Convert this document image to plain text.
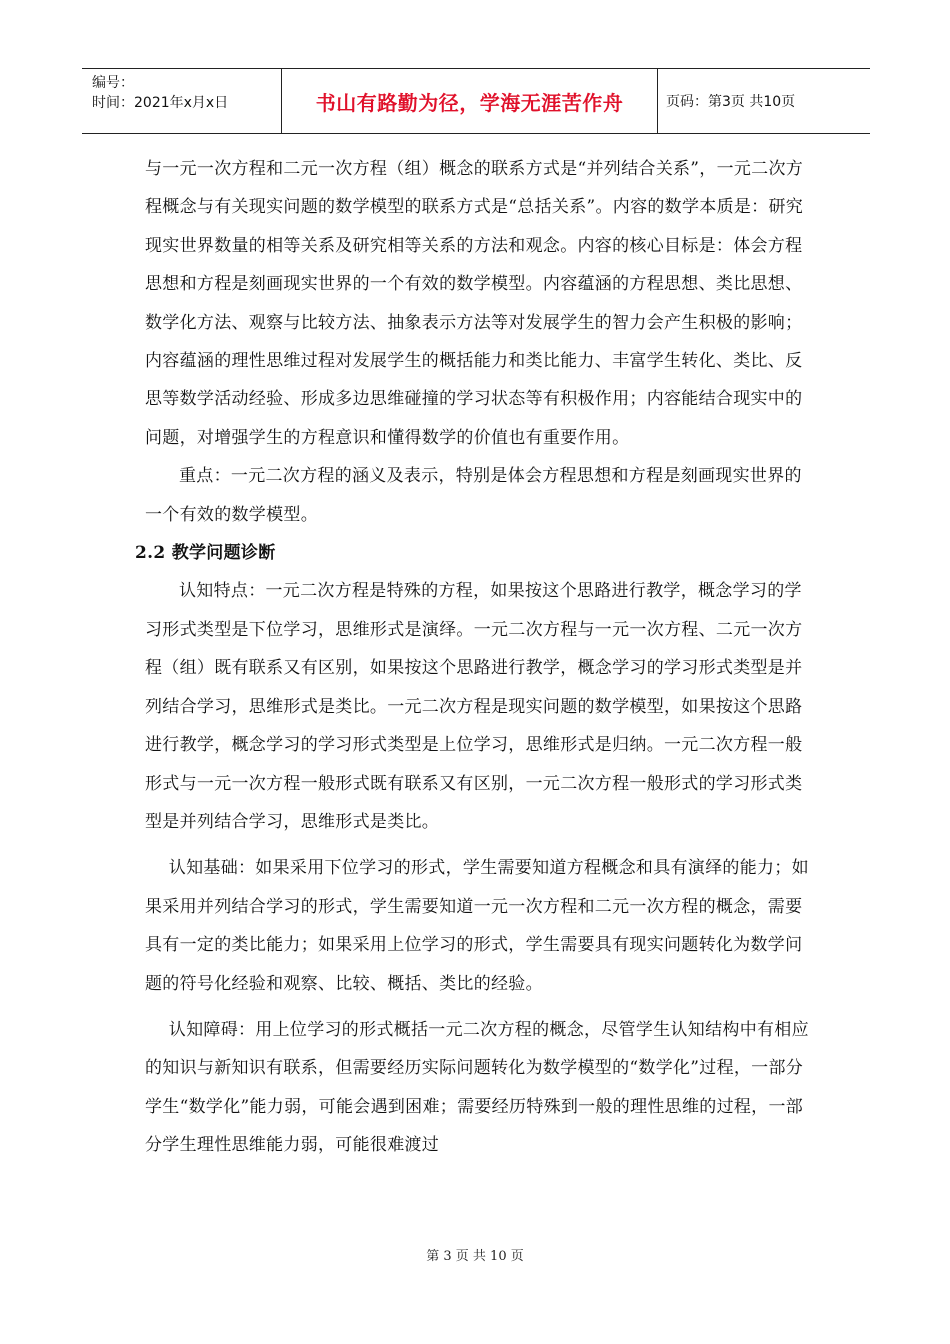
编号：
时间：2021年x月x日	书山有路勤为径，学海无涯苦作舟	页码：第3页 共10页

与一元一次方程和二元一次方程（组）概念的联系方式是“并列结合关系”，一元二次方程概念与有关现实问题的数学模型的联系方式是“总括关系”。内容的数学本质是：研究现实世界数量的相等关系及研究相等关系的方法和观念。内容的核心目标是：体会方程思想和方程是刻画现实世界的一个有效的数学模型。内容蕴涵的方程思想、类比思想、数学化方法、观察与比较方法、抽象表示方法等对发展学生的智力会产生积极的影响；内容蕴涵的理性思维过程对发展学生的概括能力和类比能力、丰富学生转化、类比、反思等数学活动经验、形成多边思维碰撞的学习状态等有积极作用；内容能结合现实中的问题，对增强学生的方程意识和懂得数学的价值也有重要作用。

重点：一元二次方程的涵义及表示，特别是体会方程思想和方程是刻画现实世界的一个有效的数学模型。

2.2 教学问题诊断

认知特点：一元二次方程是特殊的方程，如果按这个思路进行教学，概念学习的学习形式类型是下位学习，思维形式是演绎。一元二次方程与一元一次方程、二元一次方程（组）既有联系又有区别，如果按这个思路进行教学，概念学习的学习形式类型是并列结合学习，思维形式是类比。一元二次方程是现实问题的数学模型，如果按这个思路进行教学，概念学习的学习形式类型是上位学习，思维形式是归纳。一元二次方程一般形式与一元一次方程一般形式既有联系又有区别，一元二次方程一般形式的学习形式类型是并列结合学习，思维形式是类比。

认知基础：如果采用下位学习的形式，学生需要知道方程概念和具有演绎的能力；如果采用并列结合学习的形式，学生需要知道一元一次方程和二元一次方程的概念，需要具有一定的类比能力；如果采用上位学习的形式，学生需要具有现实问题转化为数学问题的符号化经验和观察、比较、概括、类比的经验。

认知障碍：用上位学习的形式概括一元二次方程的概念，尽管学生认知结构中有相应的知识与新知识有联系，但需要经历实际问题转化为数学模型的“数学化”过程，一部分学生“数学化”能力弱，可能会遇到困难；需要经历特殊到一般的理性思维的过程，一部分学生理性思维能力弱，可能很难渡过

第 3 页 共 10 页
